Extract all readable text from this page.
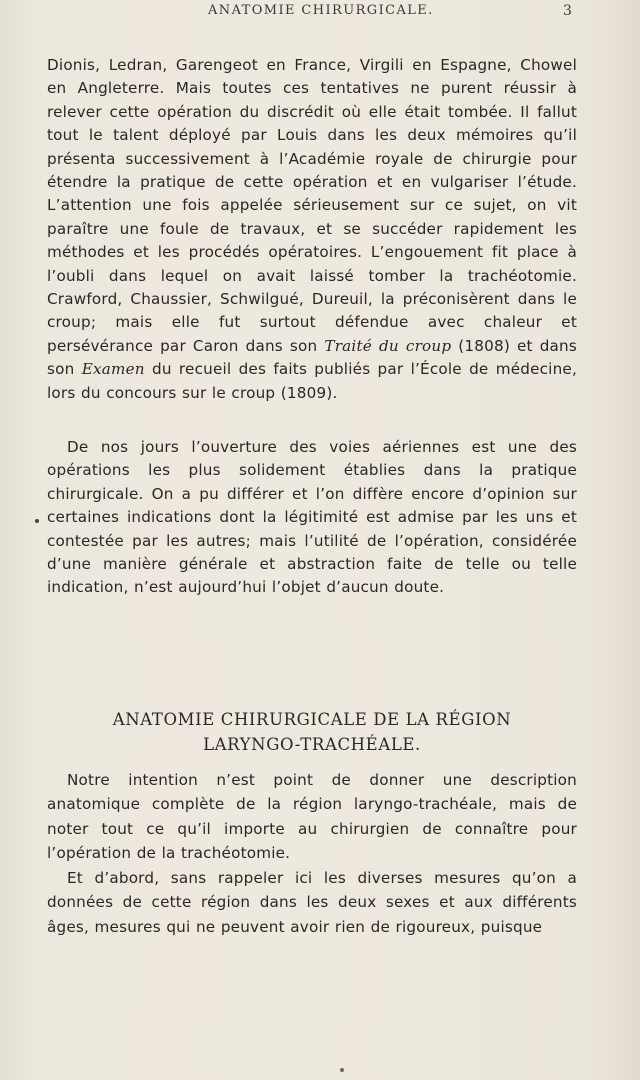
ANATOMIE CHIRURGICALE.	3
Dionis, Ledran, Garengeot en France, Virgili en Espagne, Chowel en Angleterre. Mais toutes ces tentatives ne purent réussir à relever cette opération du discrédit où elle était tombée. Il fallut tout le talent déployé par Louis dans les deux mémoires qu’il présenta successivement à l’Académie royale de chirurgie pour étendre la pratique de cette opération et en vulgariser l’étude. L’attention une fois appelée sérieusement sur ce sujet, on vit paraître une foule de travaux, et se succéder rapidement les méthodes et les procédés opératoires. L’engouement fit place à l’oubli dans lequel on avait laissé tomber la trachéotomie. Crawford, Chaussier, Schwilgué, Dureuil, la préconisèrent dans le croup; mais elle fut surtout défendue avec chaleur et persévérance par Caron dans son Traité du croup (1808) et dans son Examen du recueil des faits publiés par l’École de médecine, lors du concours sur le croup (1809).
De nos jours l’ouverture des voies aériennes est une des opérations les plus solidement établies dans la pratique chirurgicale. On a pu différer et l’on diffère encore d’opinion sur certaines indications dont la légitimité est admise par les uns et contestée par les autres; mais l’utilité de l’opération, considérée d’une manière générale et abstraction faite de telle ou telle indication, n’est aujourd’hui l’objet d’aucun doute.
ANATOMIE CHIRURGICALE DE LA RÉGION
LARYNGO-TRACHÉALE.
Notre intention n’est point de donner une description anatomique complète de la région laryngo-trachéale, mais de noter tout ce qu’il importe au chirurgien de connaître pour l’opération de la trachéotomie.
Et d’abord, sans rappeler ici les diverses mesures qu’on a données de cette région dans les deux sexes et aux différents âges, mesures qui ne peuvent avoir rien de rigoureux, puisque
